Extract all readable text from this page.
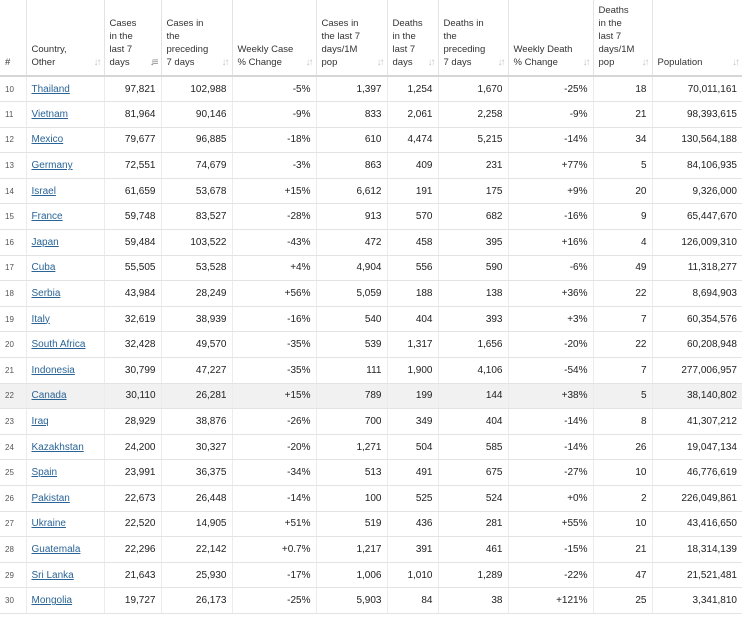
#	Country, Other ↓↑	Cases in the last 7 days ↓≡	Cases in the preceding 7 days ↓↑	Weekly Case % Change ↓↑	Cases in the last 7 days/1M pop ↓↑	Deaths in the last 7 days ↓↑	Deaths in the preceding 7 days ↓↑	Weekly Death % Change ↓↑	Deaths in the last 7 days/1M pop ↓↑	Population ↓↑

10	Thailand	97,821	102,988	-5%	1,397	1,254	1,670	-25%	18	70,011,161
11	Vietnam	81,964	90,146	-9%	833	2,061	2,258	-9%	21	98,393,615
12	Mexico	79,677	96,885	-18%	610	4,474	5,215	-14%	34	130,564,188
13	Germany	72,551	74,679	-3%	863	409	231	+77%	5	84,106,935
14	Israel	61,659	53,678	+15%	6,612	191	175	+9%	20	9,326,000
15	France	59,748	83,527	-28%	913	570	682	-16%	9	65,447,670
16	Japan	59,484	103,522	-43%	472	458	395	+16%	4	126,009,310
17	Cuba	55,505	53,528	+4%	4,904	556	590	-6%	49	11,318,277
18	Serbia	43,984	28,249	+56%	5,059	188	138	+36%	22	8,694,903
19	Italy	32,619	38,939	-16%	540	404	393	+3%	7	60,354,576
20	South Africa	32,428	49,570	-35%	539	1,317	1,656	-20%	22	60,208,948
21	Indonesia	30,799	47,227	-35%	111	1,900	4,106	-54%	7	277,006,957
22	Canada	30,110	26,281	+15%	789	199	144	+38%	5	38,140,802
23	Iraq	28,929	38,876	-26%	700	349	404	-14%	8	41,307,212
24	Kazakhstan	24,200	30,327	-20%	1,271	504	585	-14%	26	19,047,134
25	Spain	23,991	36,375	-34%	513	491	675	-27%	10	46,776,619
26	Pakistan	22,673	26,448	-14%	100	525	524	+0%	2	226,049,861
27	Ukraine	22,520	14,905	+51%	519	436	281	+55%	10	43,416,650
28	Guatemala	22,296	22,142	+0.7%	1,217	391	461	-15%	21	18,314,139
29	Sri Lanka	21,643	25,930	-17%	1,006	1,010	1,289	-22%	47	21,521,481
30	Mongolia	19,727	26,173	-25%	5,903	84	38	+121%	25	3,341,810
